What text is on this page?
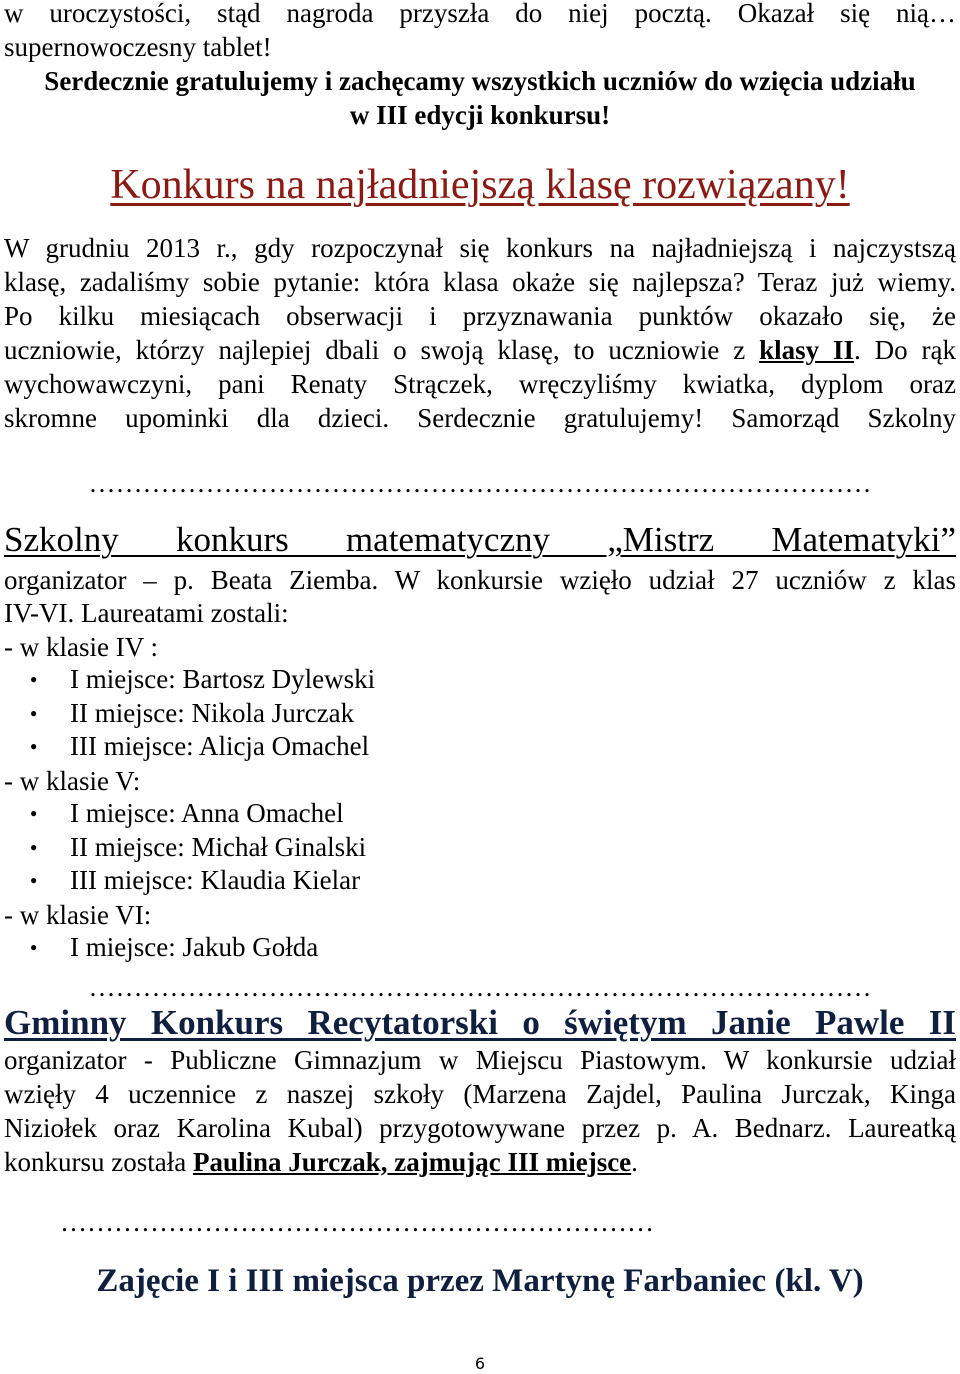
w uroczystości, stąd nagroda przyszła do niej pocztą. Okazał się nią…
supernowoczesny tablet!
Serdecznie gratulujemy i zachęcamy wszystkich uczniów do wzięcia udziału
w III edycji konkursu!
Konkurs na najładniejszą klasę rozwiązany!
W grudniu 2013 r., gdy rozpoczynał się konkurs na najładniejszą i najczystszą
klasę, zadaliśmy sobie pytanie: która klasa okaże się najlepsza? Teraz już wiemy.
Po kilku miesiącach obserwacji i przyznawania punktów okazało się, że
uczniowie, którzy najlepiej dbali o swoją klasę, to uczniowie z klasy II. Do rąk
wychowawczyni, pani Renaty Strączek, wręczyliśmy kwiatka, dyplom oraz
skromne upominki dla dzieci. Serdecznie gratulujemy! Samorząd Szkolny
……………………………………………………………………………
Szkolny konkurs matematyczny „Mistrz Matematyki”
organizator – p. Beata Ziemba. W konkursie wzięło udział 27 uczniów z klas
IV-VI. Laureatami zostali:
- w klasie IV :
● I miejsce: Bartosz Dylewski
● II miejsce: Nikola Jurczak
● III miejsce: Alicja Omachel
- w klasie V:
● I miejsce: Anna Omachel
● II miejsce: Michał Ginalski
● III miejsce: Klaudia Kielar
- w klasie VI:
● I miejsce: Jakub Gołda
……………………………………………………………………………
Gminny Konkurs Recytatorski o świętym Janie Pawle II
organizator - Publiczne Gimnazjum w Miejscu Piastowym. W konkursie udział
wzięły 4 uczennice z naszej szkoły (Marzena Zajdel, Paulina Jurczak, Kinga
Niziołek oraz Karolina Kubal) przygotowywane przez p. A. Bednarz. Laureatką
konkursu została Paulina Jurczak, zajmując III miejsce.
…………………………………………………………
Zajęcie I i III miejsca przez Martynę Farbaniec (kl. V)
6
